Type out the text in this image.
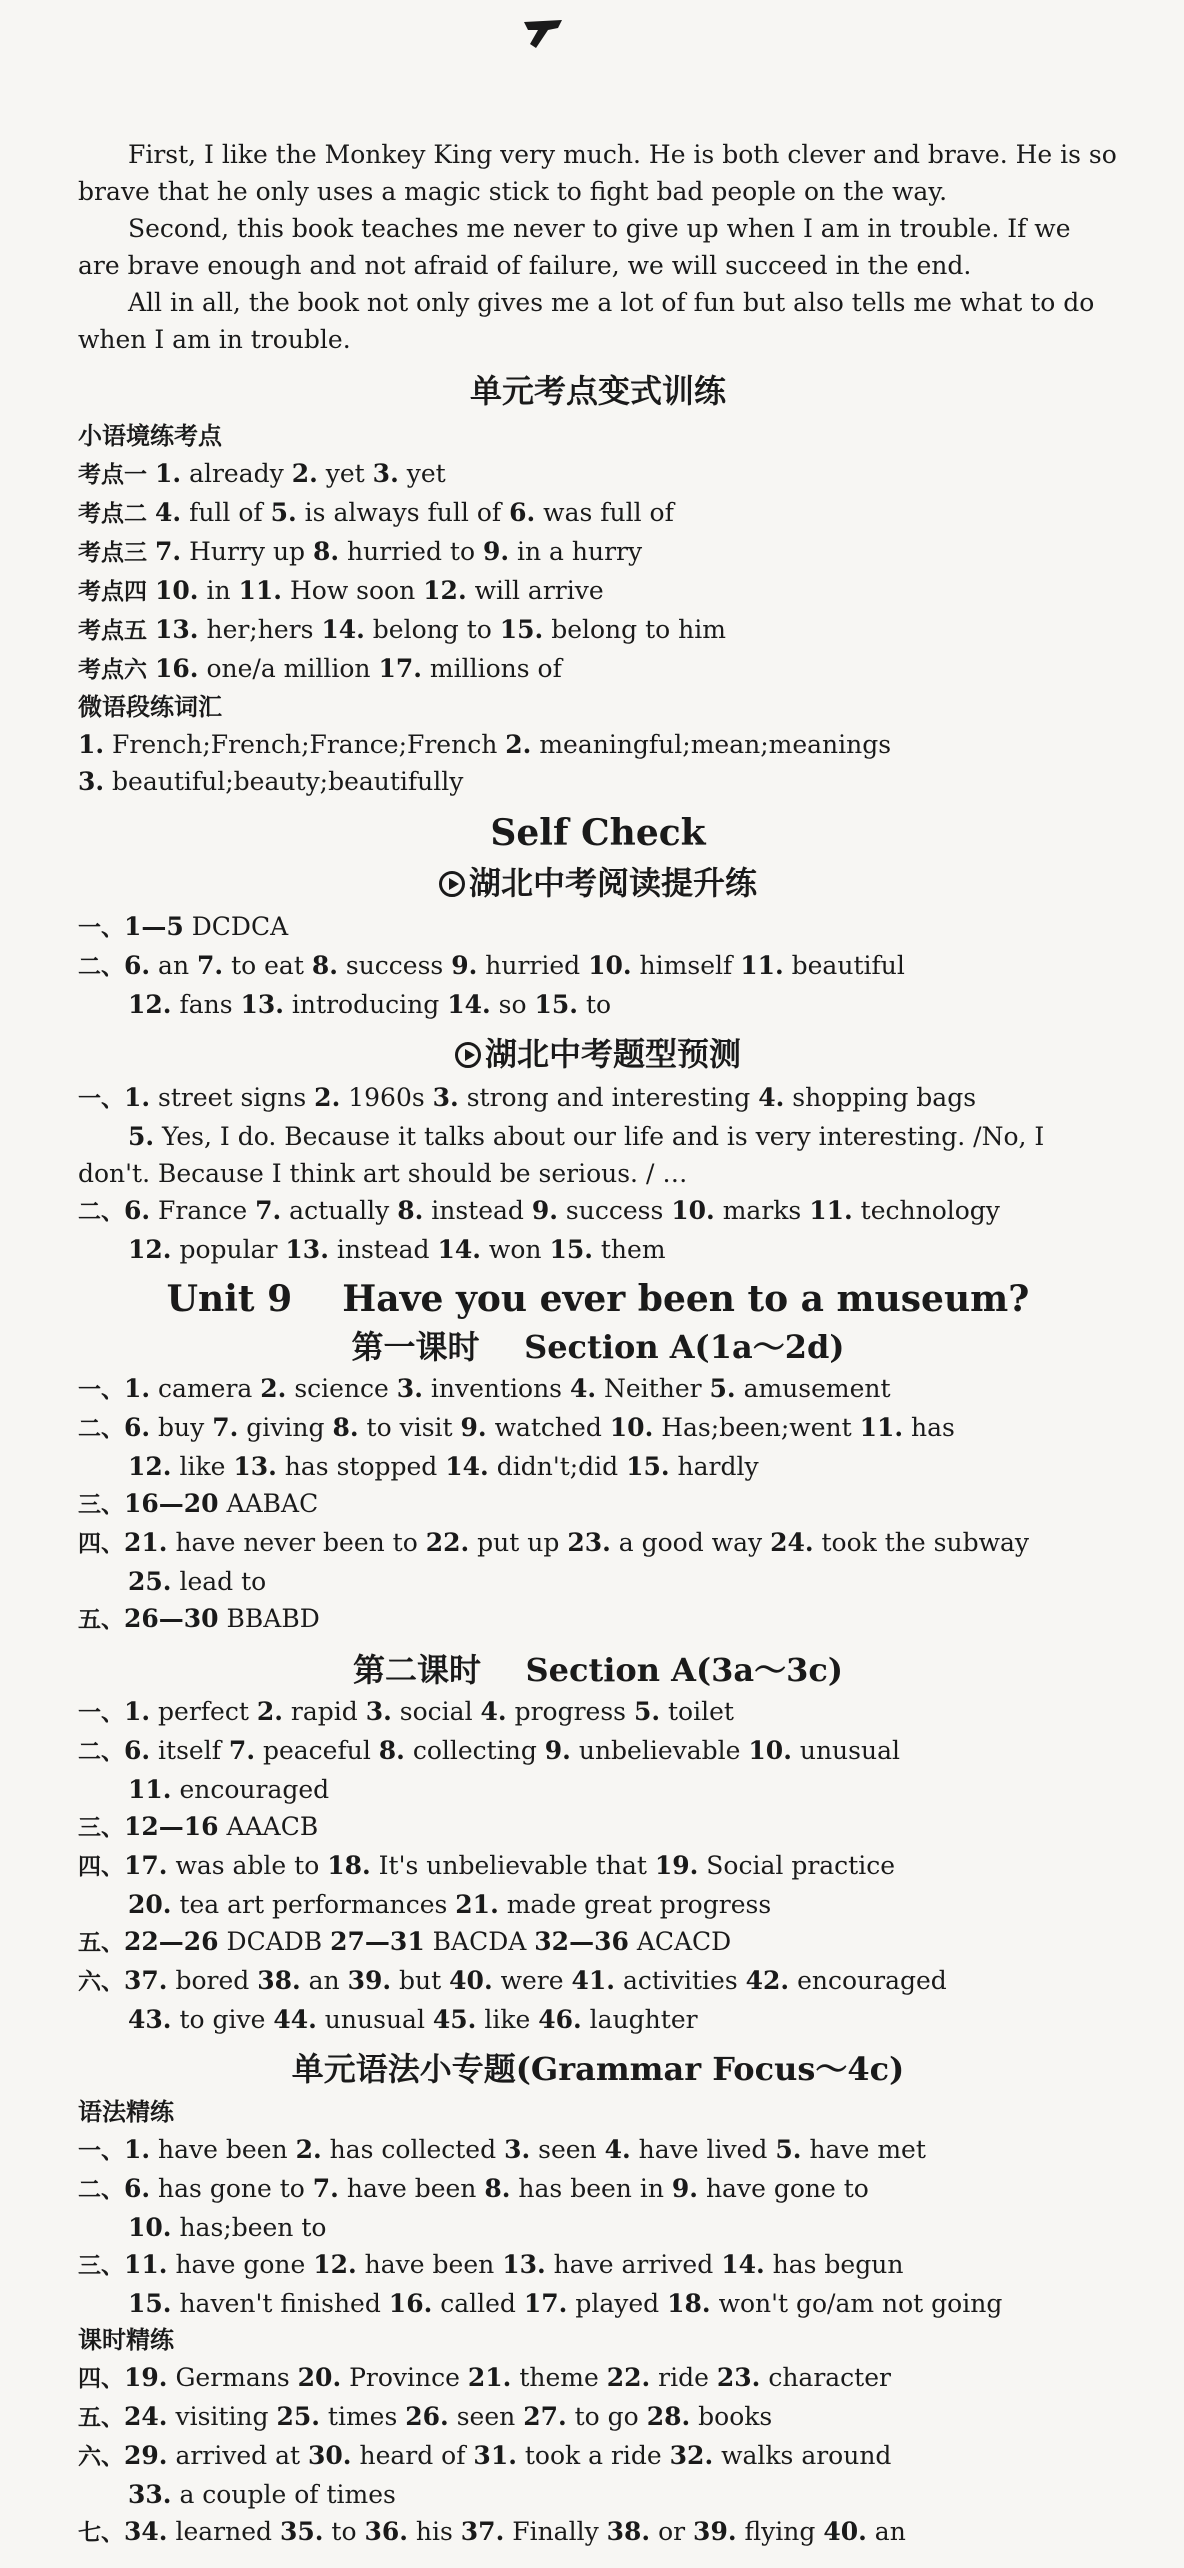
First, I like the Monkey King very much. He is both clever and brave. He is so brave that he only uses a magic stick to fight bad people on the way.

Second, this book teaches me never to give up when I am in trouble. If we are brave enough and not afraid of failure, we will succeed in the end.

All in all, the book not only gives me a lot of fun but also tells me what to do when I am in trouble.

单元考点变式训练
小语境练考点
考点一 1. already 2. yet 3. yet
考点二 4. full of 5. is always full of 6. was full of
考点三 7. Hurry up 8. hurried to 9. in a hurry
考点四 10. in 11. How soon 12. will arrive
考点五 13. her;hers 14. belong to 15. belong to him
考点六 16. one/a million 17. millions of
微语段练词汇
1. French;French;France;French 2. meaningful;mean;meanings
3. beautiful;beauty;beautifully
Self Check
湖北中考阅读提升练
一、1—5 DCDCA
二、6. an 7. to eat 8. success 9. hurried 10. himself 11. beautiful
12. fans 13. introducing 14. so 15. to
湖北中考题型预测
一、1. street signs 2. 1960s 3. strong and interesting 4. shopping bags
5. Yes, I do. Because it talks about our life and is very interesting. /No, I
don't. Because I think art should be serious. / …
二、6. France 7. actually 8. instead 9. success 10. marks 11. technology
12. popular 13. instead 14. won 15. them
Unit 9    Have you ever been to a museum?
第一课时    Section A(1a～2d)
一、1. camera 2. science 3. inventions 4. Neither 5. amusement
二、6. buy 7. giving 8. to visit 9. watched 10. Has;been;went 11. has
12. like 13. has stopped 14. didn't;did 15. hardly
三、16—20 AABAC
四、21. have never been to 22. put up 23. a good way 24. took the subway
25. lead to
五、26—30 BBABD
第二课时    Section A(3a～3c)
一、1. perfect 2. rapid 3. social 4. progress 5. toilet
二、6. itself 7. peaceful 8. collecting 9. unbelievable 10. unusual
11. encouraged
三、12—16 AAACB
四、17. was able to 18. It's unbelievable that 19. Social practice
20. tea art performances 21. made great progress
五、22—26 DCADB 27—31 BACDA 32—36 ACACD
六、37. bored 38. an 39. but 40. were 41. activities 42. encouraged
43. to give 44. unusual 45. like 46. laughter
单元语法小专题(Grammar Focus～4c)
语法精练
一、1. have been 2. has collected 3. seen 4. have lived 5. have met
二、6. has gone to 7. have been 8. has been in 9. have gone to
10. has;been to
三、11. have gone 12. have been 13. have arrived 14. has begun
15. haven't finished 16. called 17. played 18. won't go/am not going
课时精练
四、19. Germans 20. Province 21. theme 22. ride 23. character
五、24. visiting 25. times 26. seen 27. to go 28. books
六、29. arrived at 30. heard of 31. took a ride 32. walks around
33. a couple of times
七、34. learned 35. to 36. his 37. Finally 38. or 39. flying 40. an
